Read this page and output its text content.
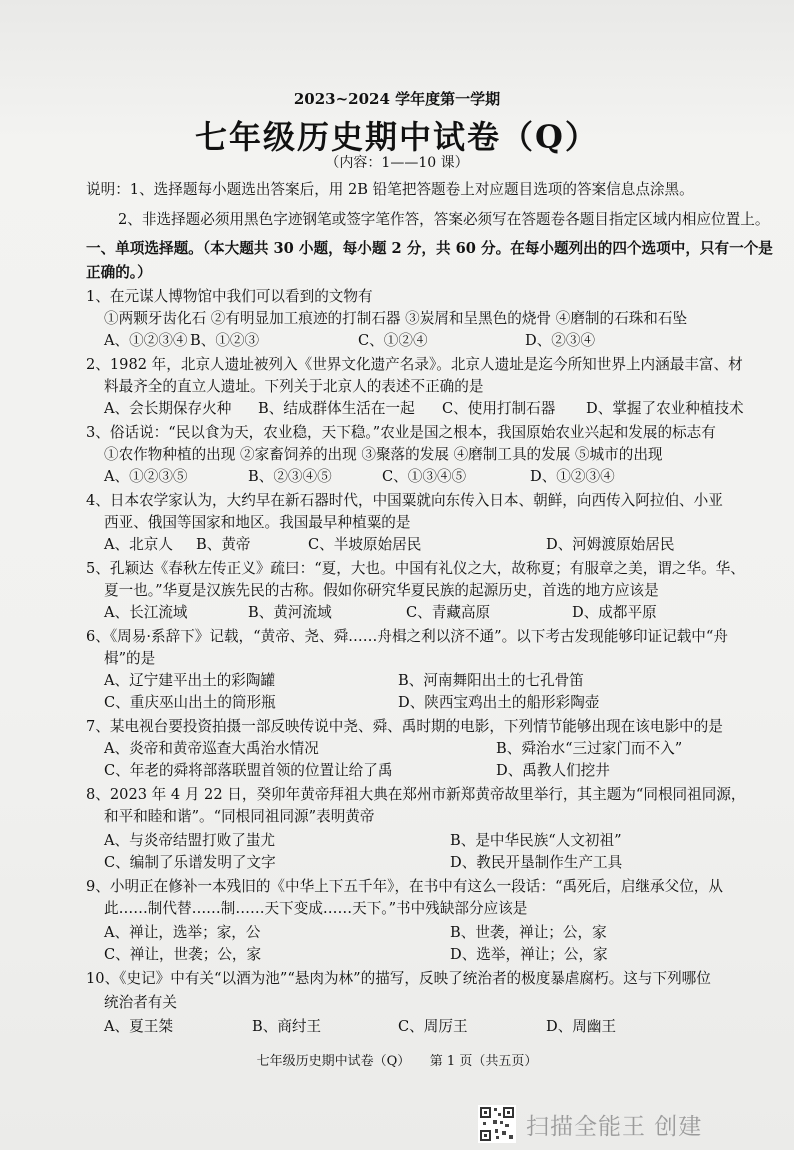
2023~2024 学年度第一学期
七年级历史期中试卷（Q）
（内容：1——10 课）
说明：1、选择题每小题选出答案后，用 2B 铅笔把答题卷上对应题目选项的答案信息点涂黑。
2、非选择题必须用黑色字迹钢笔或签字笔作答，答案必须写在答题卷各题目指定区域内相应位置上。
一、单项选择题。（本大题共 30 小题，每小题 2 分，共 60 分。在每小题列出的四个选项中，只有一个是
正确的。）
1、在元谋人博物馆中我们可以看到的文物有
①两颗牙齿化石 ②有明显加工痕迹的打制石器 ③炭屑和呈黑色的烧骨 ④磨制的石珠和石坠
A、①②③④ B、①②③	C、①②④	D、②③④
2、1982 年，北京人遗址被列入《世界文化遗产名录》。北京人遗址是迄今所知世界上内涵最丰富、材
料最齐全的直立人遗址。下列关于北京人的表述不正确的是
A、会长期保存火种 B、结成群体生活在一起 C、使用打制石器 D、掌握了农业种植技术
3、俗话说：“民以食为天，农业稳，天下稳。”农业是国之根本，我国原始农业兴起和发展的标志有
①农作物种植的出现 ②家畜饲养的出现 ③聚落的发展 ④磨制工具的发展 ⑤城市的出现
A、①②③⑤	B、②③④⑤	C、①③④⑤	D、①②③④
4、日本农学家认为，大约早在新石器时代，中国粟就向东传入日本、朝鲜，向西传入阿拉伯、小亚
西亚、俄国等国家和地区。我国最早种植粟的是
A、北京人 B、黄帝	C、半坡原始居民	D、河姆渡原始居民
5、孔颖达《春秋左传正义》疏曰：“夏，大也。中国有礼仪之大，故称夏；有服章之美，谓之华。华、
夏一也。”华夏是汉族先民的古称。假如你研究华夏民族的起源历史，首选的地方应该是
A、长江流域	B、黄河流域	C、青藏高原	D、成都平原
6、《周易·系辞下》记载，“黄帝、尧、舜……舟楫之利以济不通”。以下考古发现能够印证记载中“舟
楫”的是
A、辽宁建平出土的彩陶罐	B、河南舞阳出土的七孔骨笛
C、重庆巫山出土的筒形瓶	D、陕西宝鸡出土的船形彩陶壶
7、某电视台要投资拍摄一部反映传说中尧、舜、禹时期的电影，下列情节能够出现在该电影中的是
A、炎帝和黄帝巡查大禹治水情况	B、舜治水“三过家门而不入”
C、年老的舜将部落联盟首领的位置让给了禹	D、禹教人们挖井
8、2023 年 4 月 22 日，癸卯年黄帝拜祖大典在郑州市新郑黄帝故里举行，其主题为“同根同祖同源，
和平和睦和谐”。“同根同祖同源”表明黄帝
A、与炎帝结盟打败了蚩尤	B、是中华民族“人文初祖”
C、编制了乐谱发明了文字	D、教民开垦制作生产工具
9、小明正在修补一本残旧的《中华上下五千年》，在书中有这么一段话：“禹死后，启继承父位，从
此……制代替……制……天下变成……天下。”书中残缺部分应该是
A、禅让，选举；家，公	B、世袭，禅让；公，家
C、禅让，世袭；公，家	D、选举，禅让；公，家
10、《史记》中有关“以酒为池”“悬肉为林”的描写，反映了统治者的极度暴虐腐朽。这与下列哪位
统治者有关
A、夏王桀	B、商纣王	C、周厉王	D、周幽王
七年级历史期中试卷（Q）　　第 1 页（共五页）
扫描全能王 创建
